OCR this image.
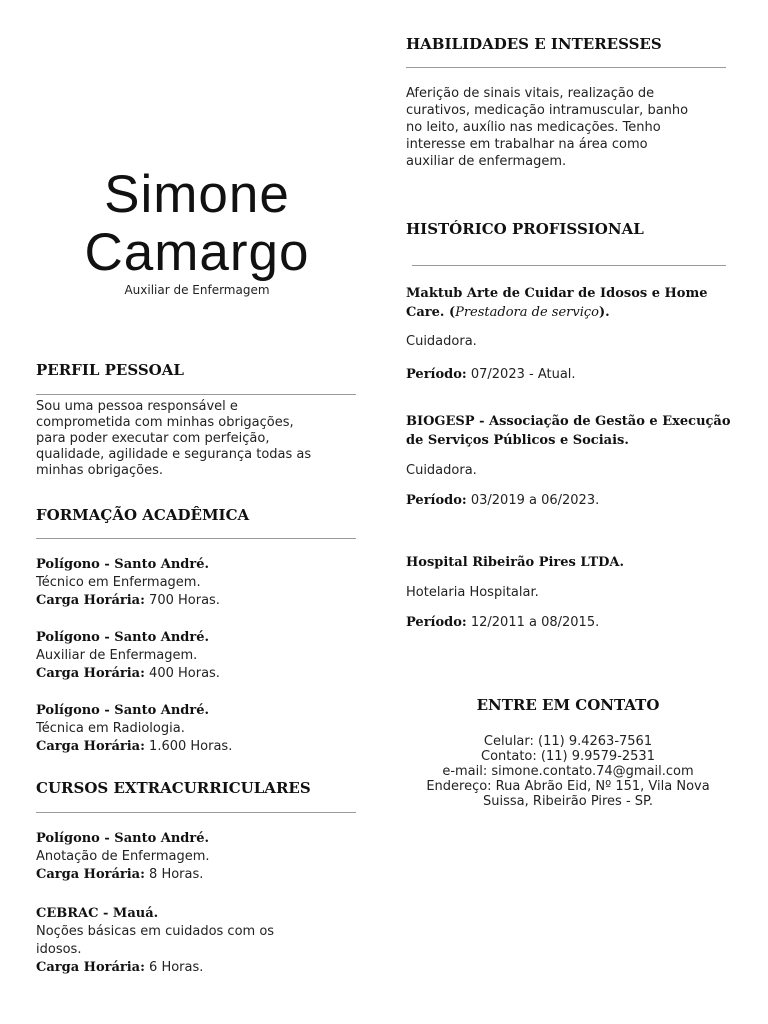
Simone
Camargo
Auxiliar de Enfermagem
PERFIL PESSOAL
Sou uma pessoa responsável e
comprometida com minhas obrigações,
para poder executar com perfeição,
qualidade, agilidade e segurança todas as
minhas obrigações.
FORMAÇÃO ACADÊMICA
Polígono - Santo André.
Técnico em Enfermagem.
Carga Horária: 700 Horas.
Polígono - Santo André.
Auxiliar de Enfermagem.
Carga Horária: 400 Horas.
Polígono - Santo André.
Técnica em Radiologia.
Carga Horária: 1.600 Horas.
CURSOS EXTRACURRICULARES
Polígono - Santo André.
Anotação de Enfermagem.
Carga Horária: 8 Horas.
CEBRAC - Mauá.
Noções básicas em cuidados com os
idosos.
Carga Horária: 6 Horas.
HABILIDADES E INTERESSES
Aferição de sinais vitais, realização de
curativos, medicação intramuscular, banho
no leito, auxílio nas medicações. Tenho
interesse em trabalhar na área como
auxiliar de enfermagem.
HISTÓRICO PROFISSIONAL
Maktub Arte de Cuidar de Idosos e Home
Care. (Prestadora de serviço).
Cuidadora.
Período: 07/2023 - Atual.
BIOGESP - Associação de Gestão e Execução
de Serviços Públicos e Sociais.
Cuidadora.
Período: 03/2019 a 06/2023.
Hospital Ribeirão Pires LTDA.
Hotelaria Hospitalar.
Período: 12/2011 a 08/2015.
ENTRE EM CONTATO
Celular: (11) 9.4263-7561
Contato: (11) 9.9579-2531
e-mail: simone.contato.74@gmail.com
Endereço: Rua Abrão Eid, Nº 151, Vila Nova
Suissa, Ribeirão Pires - SP.
